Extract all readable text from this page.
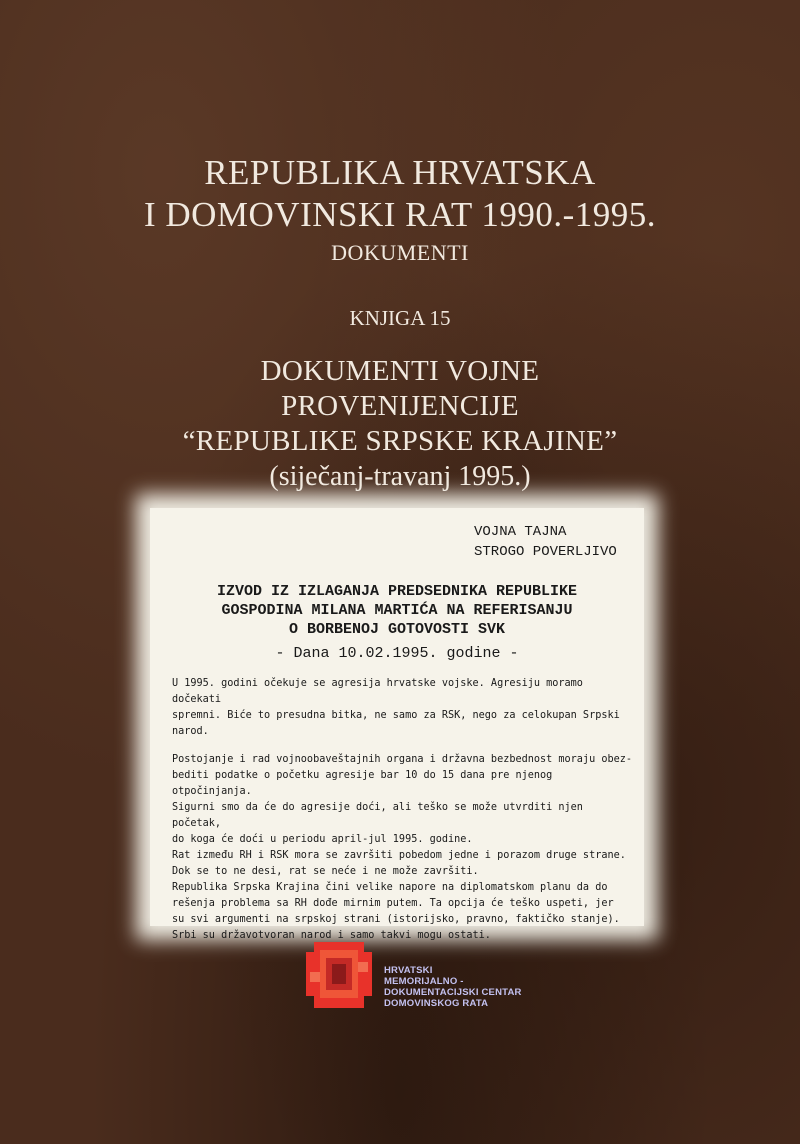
REPUBLIKA HRVATSKA
I DOMOVINSKI RAT 1990.-1995.
DOKUMENTI
KNJIGA 15
DOKUMENTI VOJNE
PROVENIJENCIJE
“REPUBLIKE SRPSKE KRAJINE”
(siječanj-travanj 1995.)
VOJNA TAJNA
STROGO POVERLJIVO
IZVOD IZ IZLAGANJA PREDSEDNIKA REPUBLIKE
GOSPODINA MILANA MARTIĆA NA REFERISANJU
O BORBENOJ GOTOVOSTI SVK
- Dana 10.02.1995. godine -
U 1995. godini očekuje se agresija hrvatske vojske. Agresiju moramo dočekati
spremni. Biće to presudna bitka, ne samo za RSK, nego za celokupan Srpski
narod.
Postojanje i rad vojnoobaveštajnih organa i državna bezbednost moraju obez-
bediti podatke o početku agresije bar 10 do 15 dana pre njenog otpočinjanja.
Sigurni smo da će do agresije doći, ali teško se može utvrditi njen početak,
do koga će doći u periodu april-jul 1995. godine.
Rat između RH i RSK mora se završiti pobedom jedne i porazom druge strane.
Dok se to ne desi, rat se neće i ne može završiti.
Republika Srpska Krajina čini velike napore na diplomatskom planu da do
rešenja problema sa RH dođe mirnim putem. Ta opcija će teško uspeti, jer
su svi argumenti na srpskoj strani (istorijsko, pravno, faktičko stanje).
Srbi su državotvoran narod i samo takvi mogu ostati.
HRVATSKI
MEMORIJALNO -
DOKUMENTACIJSKI CENTAR
DOMOVINSKOG RATA
